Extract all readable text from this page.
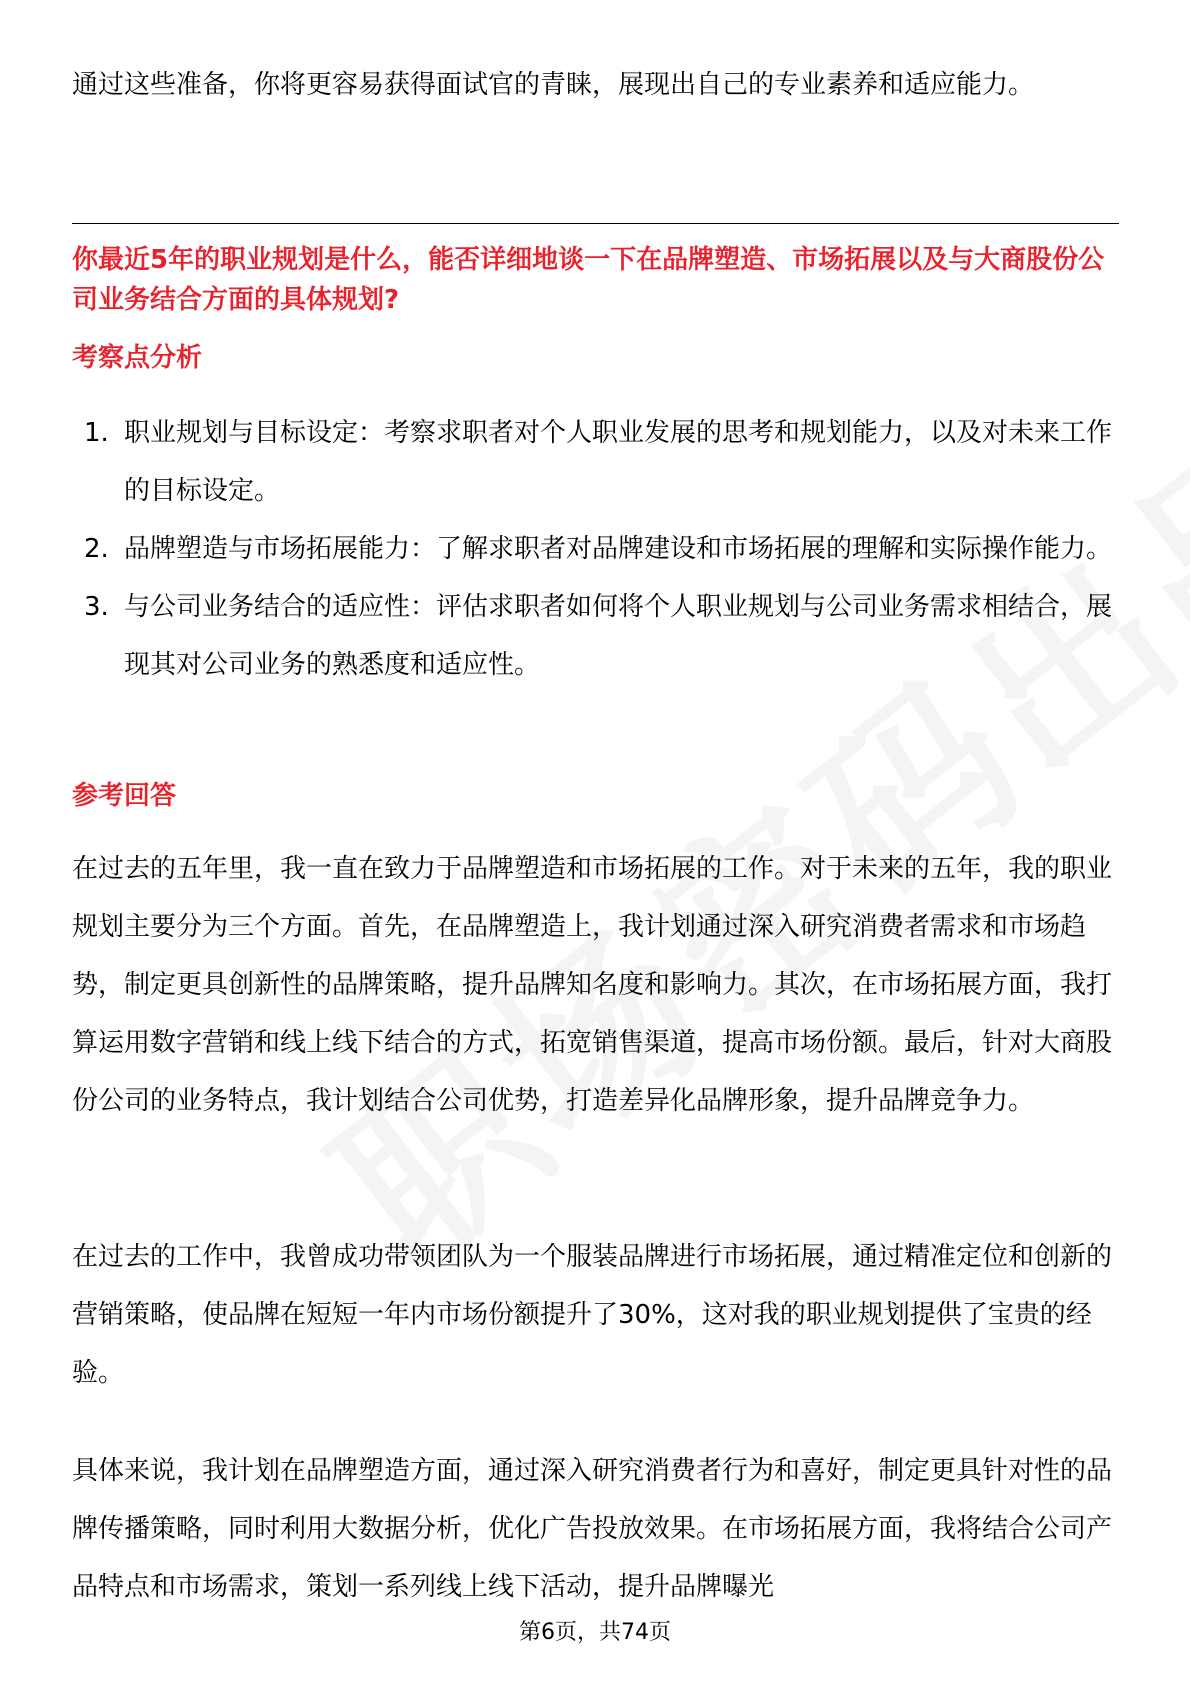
通过这些准备，你将更容易获得面试官的青睐，展现出自己的专业素养和适应能力。
你最近5年的职业规划是什么，能否详细地谈一下在品牌塑造、市场拓展以及与大商股份公司业务结合方面的具体规划?
考察点分析
1. 职业规划与目标设定：考察求职者对个人职业发展的思考和规划能力，以及对未来工作的目标设定。
2. 品牌塑造与市场拓展能力：了解求职者对品牌建设和市场拓展的理解和实际操作能力。
3. 与公司业务结合的适应性：评估求职者如何将个人职业规划与公司业务需求相结合，展现其对公司业务的熟悉度和适应性。
参考回答
在过去的五年里，我一直在致力于品牌塑造和市场拓展的工作。对于未来的五年，我的职业规划主要分为三个方面。首先，在品牌塑造上，我计划通过深入研究消费者需求和市场趋势，制定更具创新性的品牌策略，提升品牌知名度和影响力。其次，在市场拓展方面，我打算运用数字营销和线上线下结合的方式，拓宽销售渠道，提高市场份额。最后，针对大商股份公司的业务特点，我计划结合公司优势，打造差异化品牌形象，提升品牌竞争力。
在过去的工作中，我曾成功带领团队为一个服装品牌进行市场拓展，通过精准定位和创新的营销策略，使品牌在短短一年内市场份额提升了30%，这对我的职业规划提供了宝贵的经验。
具体来说，我计划在品牌塑造方面，通过深入研究消费者行为和喜好，制定更具针对性的品牌传播策略，同时利用大数据分析，优化广告投放效果。在市场拓展方面，我将结合公司产品特点和市场需求，策划一系列线上线下活动，提升品牌曝光
第6页，共74页
